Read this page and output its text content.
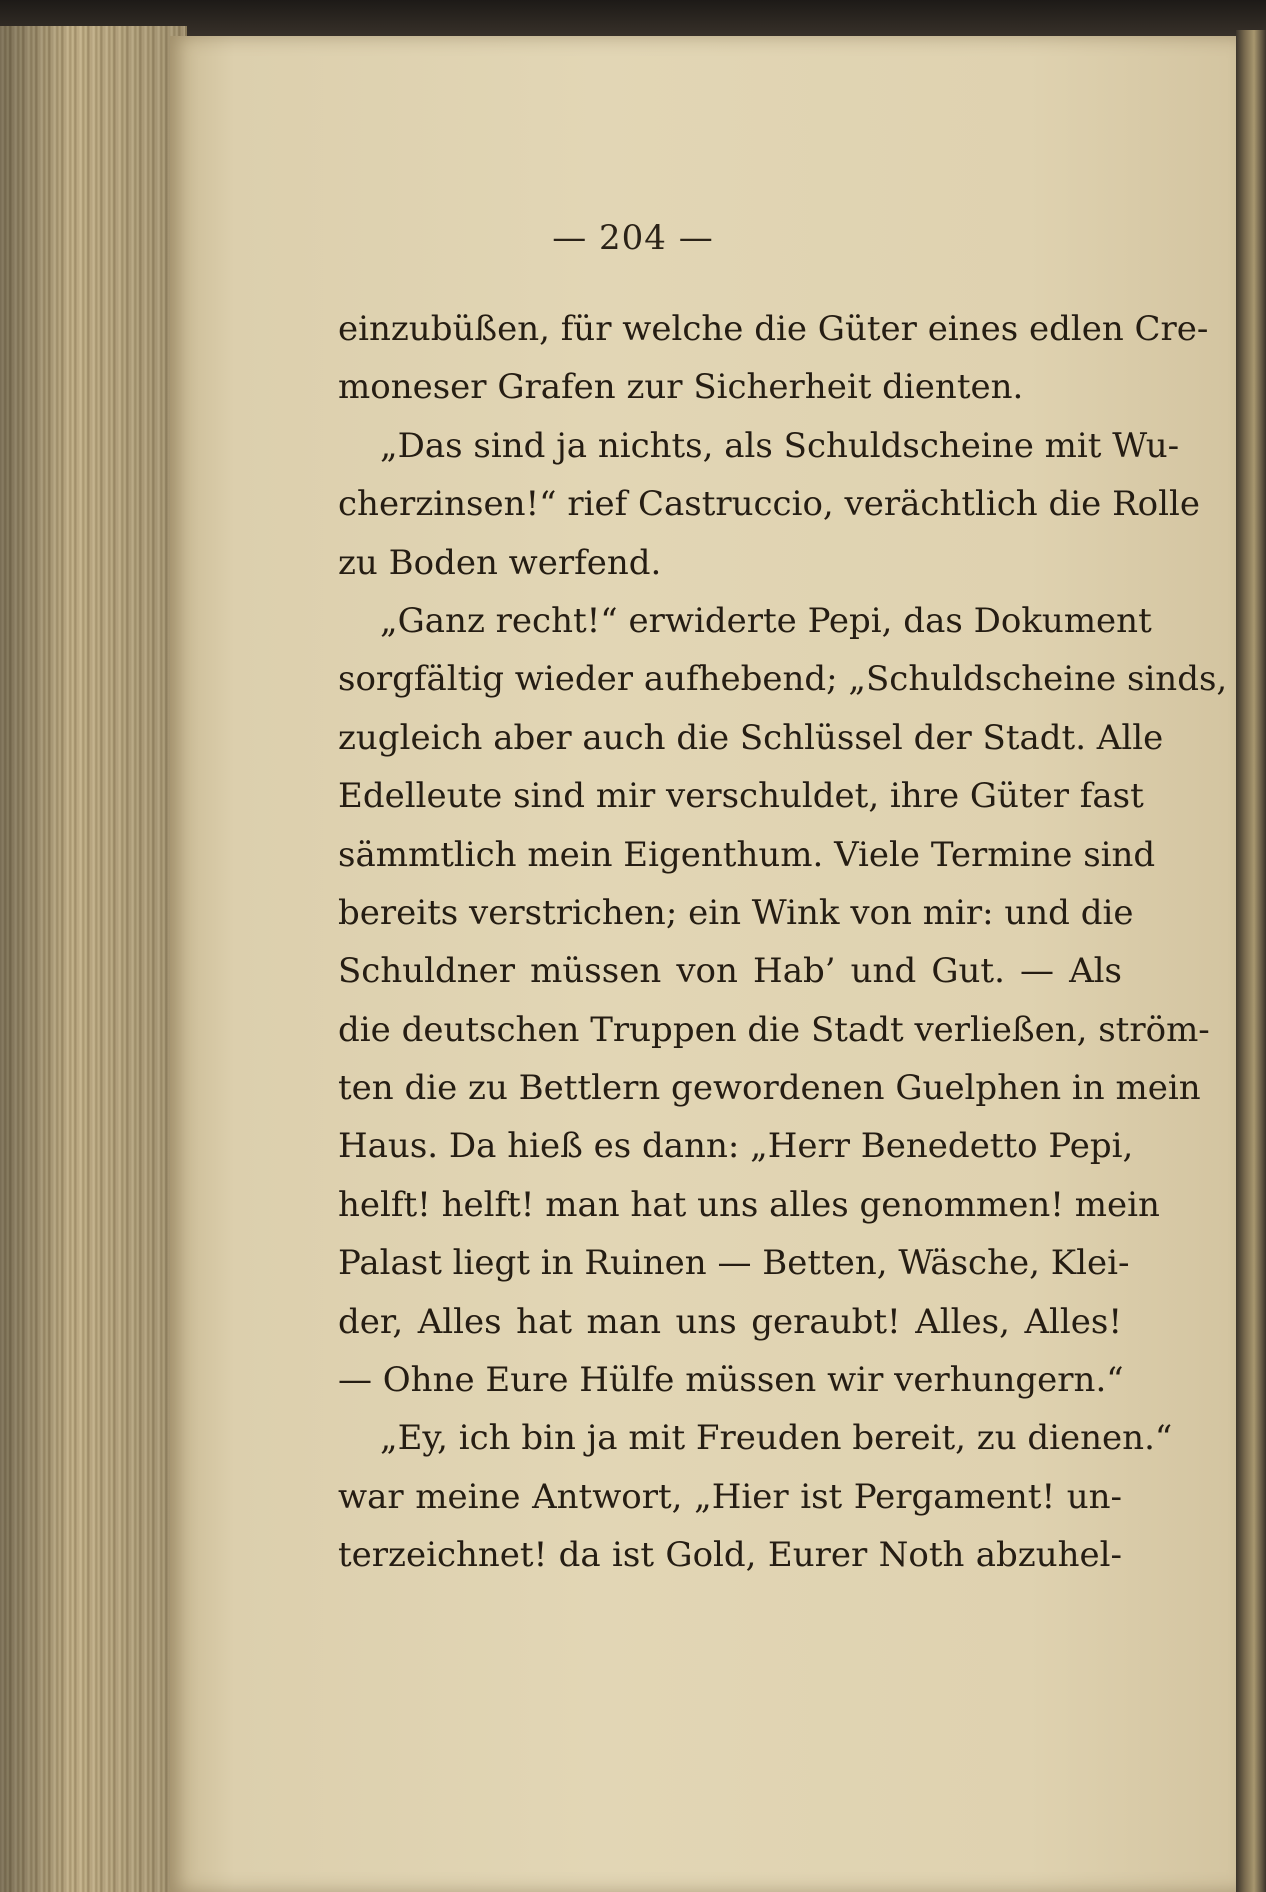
— 204 —
einzubüßen, für welche die Güter eines edlen Cre-
moneser Grafen zur Sicherheit dienten.
„Das sind ja nichts, als Schuldscheine mit Wu-
cherzinsen!“ rief Castruccio, verächtlich die Rolle
zu Boden werfend.
„Ganz recht!“ erwiderte Pepi, das Dokument
sorgfältig wieder aufhebend; „Schuldscheine sinds,
zugleich aber auch die Schlüssel der Stadt. Alle
Edelleute sind mir verschuldet, ihre Güter fast
sämmtlich mein Eigenthum. Viele Termine sind
bereits verstrichen; ein Wink von mir: und die
Schuldner müssen von Hab’ und Gut. — Als
die deutschen Truppen die Stadt verließen, ström-
ten die zu Bettlern gewordenen Guelphen in mein
Haus. Da hieß es dann: „Herr Benedetto Pepi,
helft! helft! man hat uns alles genommen! mein
Palast liegt in Ruinen — Betten, Wäsche, Klei-
der, Alles hat man uns geraubt! Alles, Alles!
— Ohne Eure Hülfe müssen wir verhungern.“
„Ey, ich bin ja mit Freuden bereit, zu dienen.“
war meine Antwort, „Hier ist Pergament! un-
terzeichnet! da ist Gold, Eurer Noth abzuhel-
